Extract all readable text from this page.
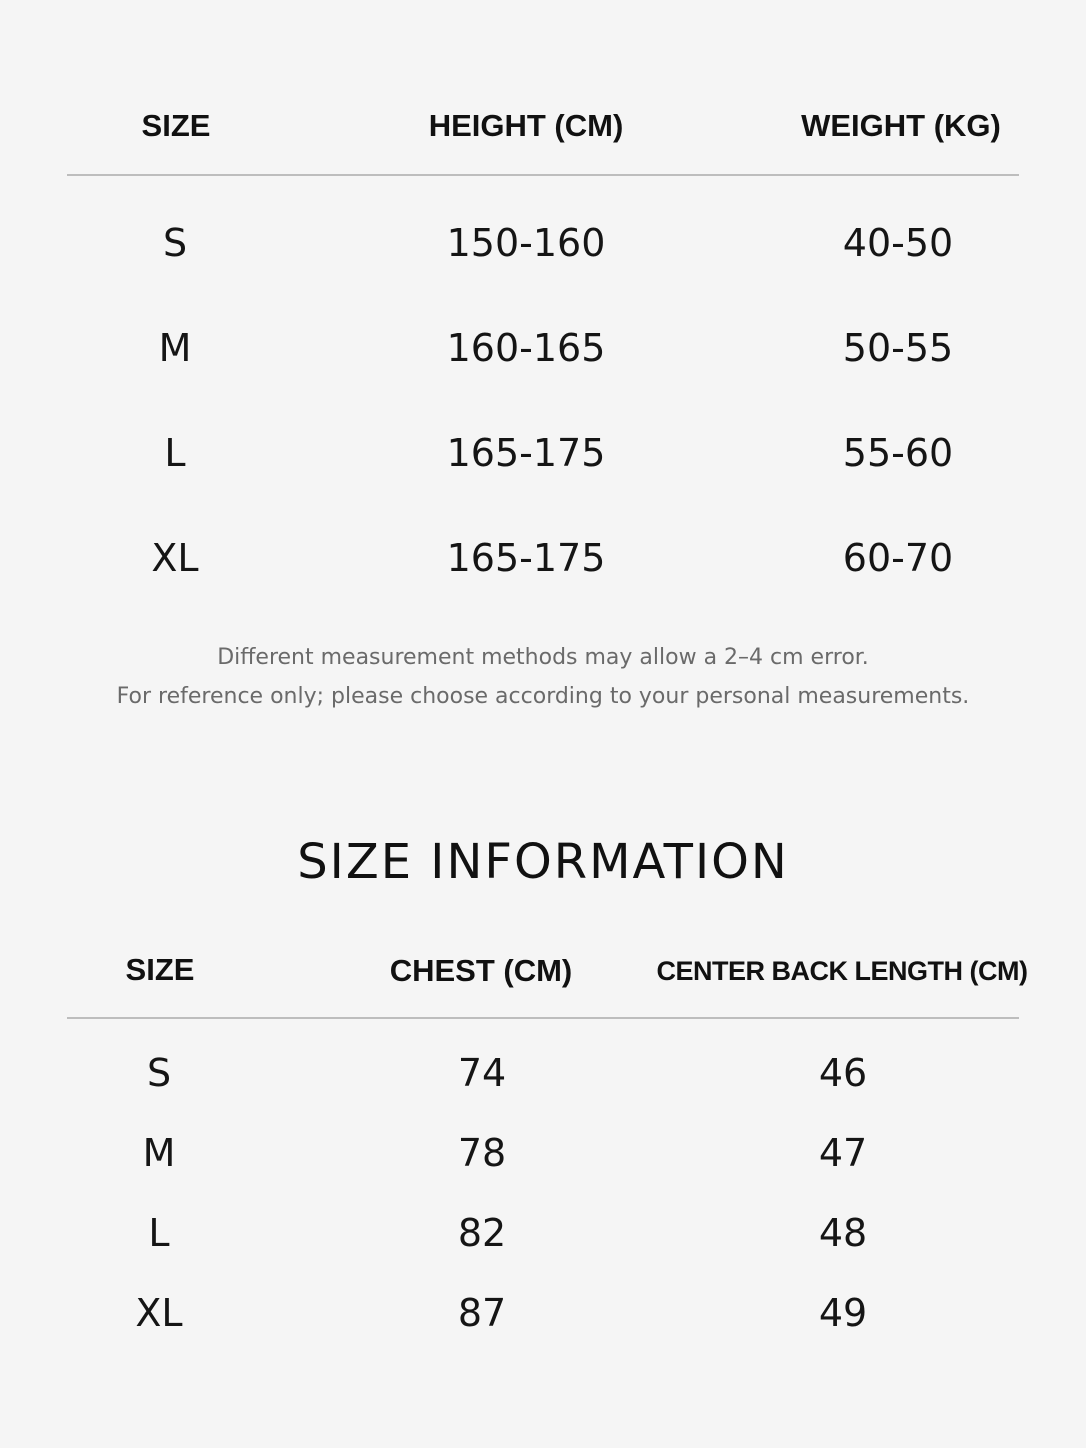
SIZE	HEIGHT (CM)	WEIGHT (KG)
S	150-160	40-50
M	160-165	50-55
L	165-175	55-60
XL	165-175	60-70
Different measurement methods may allow a 2–4 cm error.
For reference only; please choose according to your personal measurements.
SIZE INFORMATION
SIZE	CHEST (CM)	CENTER BACK LENGTH (CM)
S	74	46
M	78	47
L	82	48
XL	87	49
